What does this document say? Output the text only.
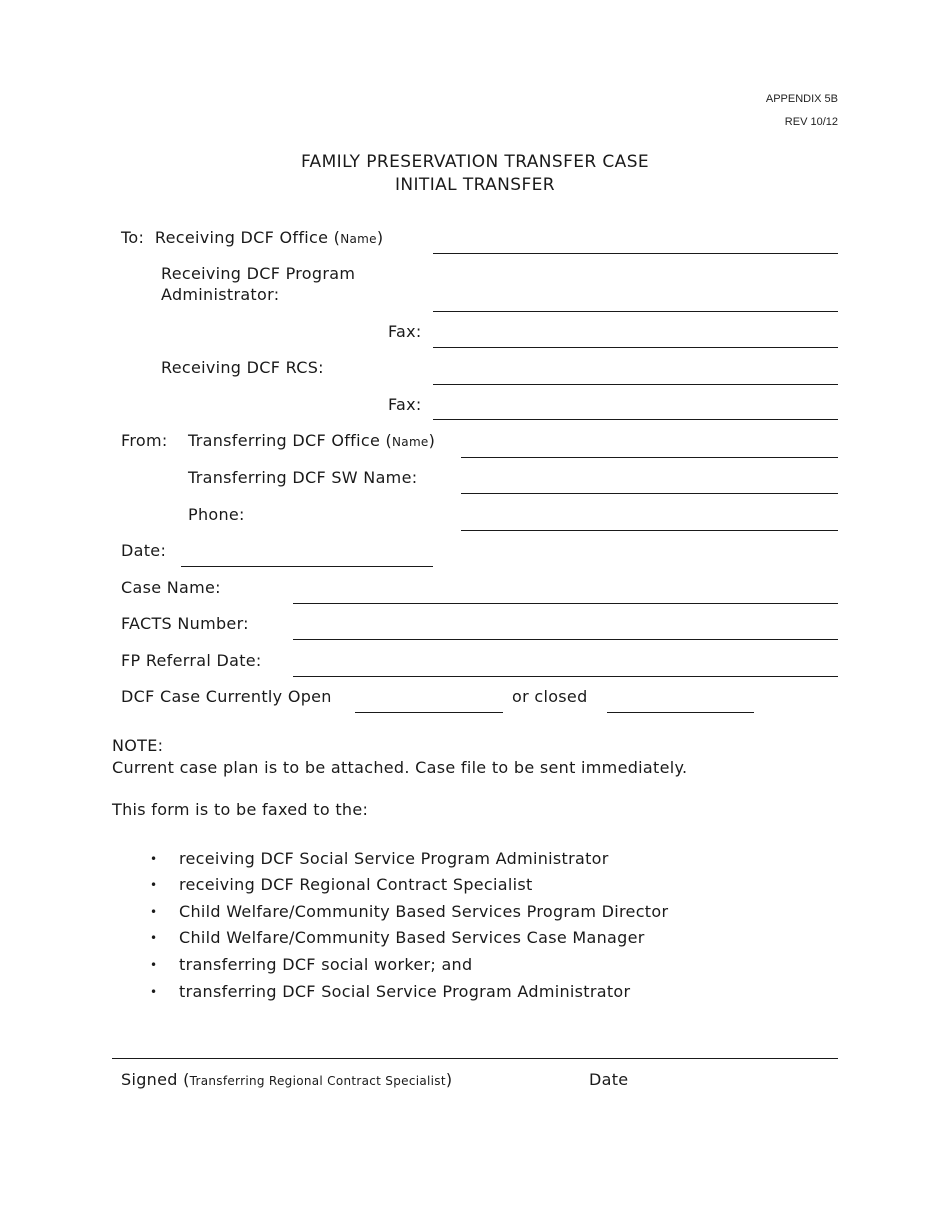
APPENDIX 5B
REV 10/12
FAMILY PRESERVATION TRANSFER CASE
INITIAL TRANSFER
To: Receiving DCF Office (Name)
Receiving DCF Program
Administrator:
Fax:
Receiving DCF RCS:
Fax:
From: Transferring DCF Office (Name)
Transferring DCF SW Name:
Phone:
Date:
Case Name:
FACTS Number:
FP Referral Date:
DCF Case Currently Open	or closed
NOTE:
Current case plan is to be attached. Case file to be sent immediately.
This form is to be faxed to the:
• receiving DCF Social Service Program Administrator
• receiving DCF Regional Contract Specialist
• Child Welfare/Community Based Services Program Director
• Child Welfare/Community Based Services Case Manager
• transferring DCF social worker; and
• transferring DCF Social Service Program Administrator
Signed (Transferring Regional Contract Specialist)	Date
